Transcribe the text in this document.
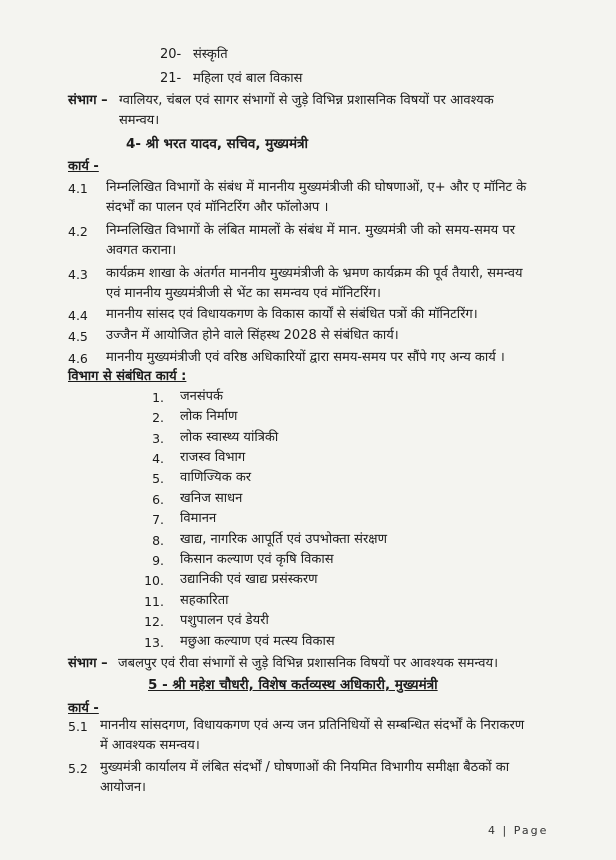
20- संस्कृति
21- महिला एवं बाल विकास
संभाग – ग्वालियर, चंबल एवं सागर संभागों से जुड़े विभिन्न प्रशासनिक विषयों पर आवश्यक
समन्वय।
4- श्री भरत यादव, सचिव, मुख्यमंत्री
कार्य -
4.1 निम्नलिखित विभागों के संबंध में माननीय मुख्यमंत्रीजी की घोषणाओं, ए+ और ए मॉनिट के
संदर्भों का पालन एवं मॉनिटरिंग और फॉलोअप ।
4.2 निम्नलिखित विभागों के लंबित मामलों के संबंध में मान. मुख्यमंत्री जी को समय-समय पर
अवगत कराना।
4.3 कार्यक्रम शाखा के अंतर्गत माननीय मुख्यमंत्रीजी के भ्रमण कार्यक्रम की पूर्व तैयारी, समन्वय
एवं माननीय मुख्यमंत्रीजी से भेंट का समन्वय एवं मॉनिटरिंग।
4.4 माननीय सांसद एवं विधायकगण के विकास कार्यों से संबंधित पत्रों की मॉनिटरिंग।
4.5 उज्जैन में आयोजित होने वाले सिंहस्थ 2028 से संबंधित कार्य।
4.6 माननीय मुख्यमंत्रीजी एवं वरिष्ठ अधिकारियों द्वारा समय-समय पर सौंपे गए अन्य कार्य ।
विभाग से संबंधित कार्य :
1. जनसंपर्क
2. लोक निर्माण
3. लोक स्वास्थ्य यांत्रिकी
4. राजस्व विभाग
5. वाणिज्यिक कर
6. खनिज साधन
7. विमानन
8. खाद्य, नागरिक आपूर्ति एवं उपभोक्ता संरक्षण
9. किसान कल्याण एवं कृषि विकास
10. उद्यानिकी एवं खाद्य प्रसंस्करण
11. सहकारिता
12. पशुपालन एवं डेयरी
13. मछुआ कल्याण एवं मत्स्य विकास
संभाग – जबलपुर एवं रीवा संभागों से जुड़े विभिन्न प्रशासनिक विषयों पर आवश्यक समन्वय।
5 - श्री महेश चौधरी, विशेष कर्तव्यस्थ अधिकारी, मुख्यमंत्री
कार्य -
5.1 माननीय सांसदगण, विधायकगण एवं अन्य जन प्रतिनिधियों से सम्बन्धित संदर्भों के निराकरण
में आवश्यक समन्वय।
5.2 मुख्यमंत्री कार्यालय में लंबित संदर्भों / घोषणाओं की नियमित विभागीय समीक्षा बैठकों का
आयोजन।
4 | Page
